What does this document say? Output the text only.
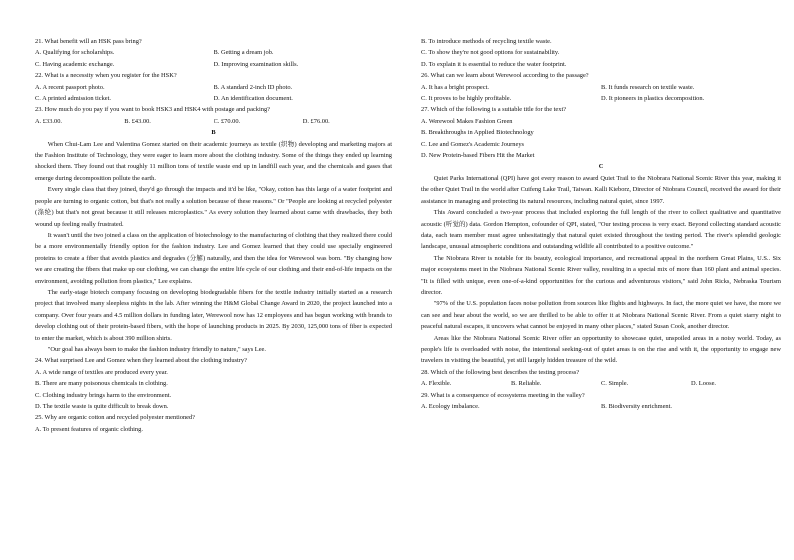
21. What benefit will an HSK pass bring?
A. Qualifying for scholarships.	B. Getting a dream job.
C. Having academic exchange.	D. Improving examination skills.
22. What is a necessity when you register for the HSK?
A. A recent passport photo.	B. A standard 2-inch ID photo.
C. A printed admission ticket.	D. An identification document.
23. How much do you pay if you want to book HSK3 and HSK4 with postage and packing?
A. £33.00.	B. £43.00.	C. £70.00.	D. £76.00.
B
When Chui-Lam Lee and Valentina Gomez started on their academic journeys as textile (织物) developing and marketing majors at the Fashion Institute of Technology, they were eager to learn more about the clothing industry. Some of the things they ended up learning shocked them. They found out that roughly 11 million tons of textile waste end up in landfill each year, and the chemicals and gases that emerge during decomposition pollute the earth.
Every single class that they joined, they'd go through the impacts and it'd be like, "Okay, cotton has this large of a water footprint and people are turning to organic cotton, but that's not really a solution because of these reasons." Or "People are looking at recycled polyester (涤纶) but that's not great because it still releases microplastics." As every solution they learned about came with drawbacks, they both wound up feeling really frustrated.
It wasn't until the two joined a class on the application of biotechnology to the manufacturing of clothing that they realized there could be a more environmentally friendly option for the fashion industry. Lee and Gomez learned that they could use specially engineered proteins to create a fiber that avoids plastics and degrades (分解) naturally, and then the idea for Werewool was born. "By changing how we are creating the fibers that make up our clothing, we can change the entire life cycle of our clothing and their end-of-life impacts on the environment, avoiding pollution from plastics," Lee explains.
The early-stage biotech company focusing on developing biodegradable fibers for the textile industry initially started as a research project that involved many sleepless nights in the lab. After winning the H&M Global Change Award in 2020, the project launched into a company. Over four years and 4.5 million dollars in funding later, Werewool now has 12 employees and has begun working with brands to develop clothing out of their protein-based fibers, with the hope of launching products in 2025. By 2030, 125,000 tons of fiber is expected to enter the market, which is about 390 million shirts.
"Our goal has always been to make the fashion industry friendly to nature," says Lee.
24. What surprised Lee and Gomez when they learned about the clothing industry?
A. A wide range of textiles are produced every year.
B. There are many poisonous chemicals in clothing.
C. Clothing industry brings harm to the environment.
D. The textile waste is quite difficult to break down.
25. Why are organic cotton and recycled polyester mentioned?
A. To present features of organic clothing.
B. To introduce methods of recycling textile waste.
C. To show they're not good options for sustainability.
D. To explain it is essential to reduce the water footprint.
26. What can we learn about Werewool according to the passage?
A. It has a bright prospect.	B. It funds research on textile waste.
C. It proves to be highly profitable.	D. It pioneers in plastics decomposition.
27. Which of the following is a suitable title for the text?
A. Werewool Makes Fashion Green
B. Breakthroughs in Applied Biotechnology
C. Lee and Gomez's Academic Journeys
D. New Protein-based Fibers Hit the Market
C
Quiet Parks International (QPI) have got every reason to award Quiet Trail to the Niobrara National Scenic River this year, making it the other Quiet Trail in the world after Cuifeng Lake Trail, Taiwan. Kalli Kieborz, Director of Niobrara Council, received the award for their assistance in managing and protecting its natural resources, including natural quiet, since 1997.
This Award concluded a two-year process that included exploring the full length of the river to collect qualitative and quantitative acoustic (听觉的) data. Gordon Hempton, cofounder of QPI, stated, "Our testing process is very exact. Beyond collecting standard acoustic data, each team member must agree unhesitatingly that natural quiet existed throughout the testing period. The river's splendid geologic landscape, unusual atmospheric conditions and outstanding wildlife all contributed to a positive outcome."
The Niobrara River is notable for its beauty, ecological importance, and recreational appeal in the northern Great Plains, U.S.. Six major ecosystems meet in the Niobrara National Scenic River valley, resulting in a special mix of more than 160 plant and animal species. "It is filled with unique, even one-of-a-kind opportunities for the curious and adventurous visitors," said John Ricks, Nebraska Tourism director.
"97% of the U.S. population faces noise pollution from sources like flights and highways. In fact, the more quiet we have, the more we can see and hear about the world, so we are thrilled to be able to offer it at Niobrara National Scenic River. From a quiet starry night to peaceful natural escapes, it uncovers what cannot be enjoyed in many other places," stated Susan Cook, another director.
Areas like the Niobrara National Scenic River offer an opportunity to showcase quiet, unspoiled areas in a noisy world. Today, as people's life is overloaded with noise, the intentional seeking-out of quiet areas is on the rise and with it, the opportunity to engage new travelers in visiting the beautiful, yet still largely hidden treasure of the wild.
28. Which of the following best describes the testing process?
A. Flexible.	B. Reliable.	C. Simple.	D. Loose.
29. What is a consequence of ecosystems meeting in the valley?
A. Ecology imbalance.	B. Biodiversity enrichment.
